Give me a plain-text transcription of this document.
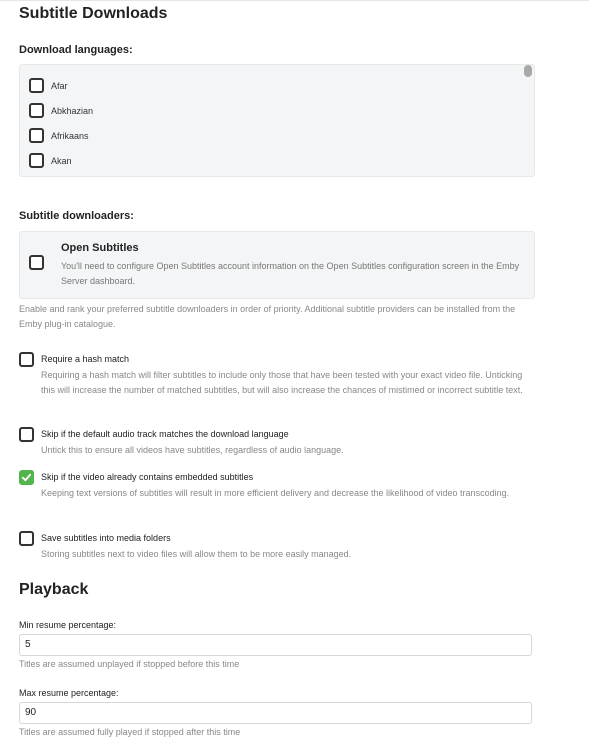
Subtitle Downloads
Download languages:
Afar
Abkhazian
Afrikaans
Akan
Subtitle downloaders:
Open Subtitles
You'll need to configure Open Subtitles account information on the Open Subtitles configuration screen in the Emby Server dashboard.
Enable and rank your preferred subtitle downloaders in order of priority. Additional subtitle providers can be installed from the Emby plug-in catalogue.
Require a hash match
Requiring a hash match will filter subtitles to include only those that have been tested with your exact video file. Unticking this will increase the number of matched subtitles, but will also increase the chances of mistimed or incorrect subtitle text.
Skip if the default audio track matches the download language
Untick this to ensure all videos have subtitles, regardless of audio language.
Skip if the video already contains embedded subtitles
Keeping text versions of subtitles will result in more efficient delivery and decrease the likelihood of video transcoding.
Save subtitles into media folders
Storing subtitles next to video files will allow them to be more easily managed.
Playback
Min resume percentage:
5
Titles are assumed unplayed if stopped before this time
Max resume percentage:
90
Titles are assumed fully played if stopped after this time
